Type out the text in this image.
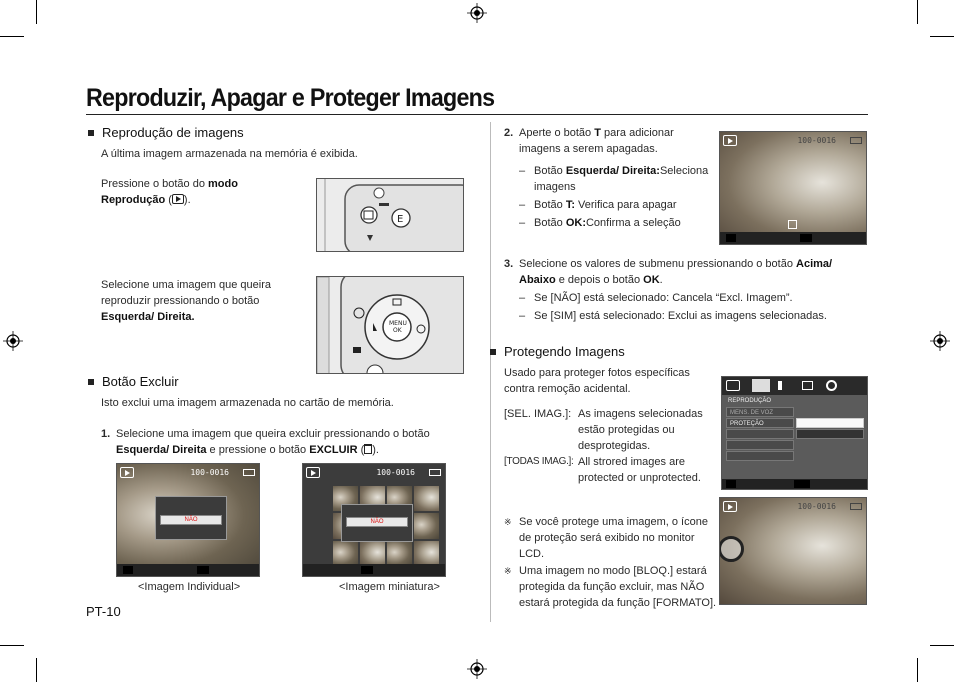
Reproduzir, Apagar e Proteger Imagens
Reprodução de imagens
A última imagem armazenada na memória é exibida.
Pressione o botão do modo
Reprodução ( ).
E
Selecione uma imagem que queira
reproduzir pressionando o botão
Esquerda/ Direita.
MENU
OK
Botão Excluir
Isto exclui uma imagem armazenada no cartão de memória.
1. Selecione uma imagem que queira excluir pressionando o botão
Esquerda/ Direita e pressione o botão EXCLUIR ( ).
100-0016
NÃO
100-0016
NÃO
<Imagem Individual>	<Imagem miniatura>
PT-10
2. Aperte o botão T para adicionar
imagens a serem apagadas.
– Botão Esquerda/ Direita:Seleciona
imagens
– Botão T: Verifica para apagar
– Botão OK:Confirma a seleção
100-0016
3. Selecione os valores de submenu pressionando o botão Acima/
Abaixo e depois o botão OK.
– Se [NÃO] está selecionado: Cancela “Excl. Imagem”.
– Se [SIM] está selecionado: Exclui as imagens selecionadas.
Protegendo Imagens
Usado para proteger fotos específicas
contra remoção acidental.
[SEL. IMAG.]: As imagens selecionadas
estão protegidas ou
desprotegidas.
[TODAS IMAG.]: All strored images are
protected or unprotected.
REPRODUÇÃO
MENS. DE VOZ
PROTEÇÃO
※ Se você protege uma imagem, o ícone
de proteção será exibido no monitor
LCD.
※ Uma imagem no modo [BLOQ.] estará
protegida da função excluir, mas NÃO
estará protegida da função [FORMATO].
100-0016
